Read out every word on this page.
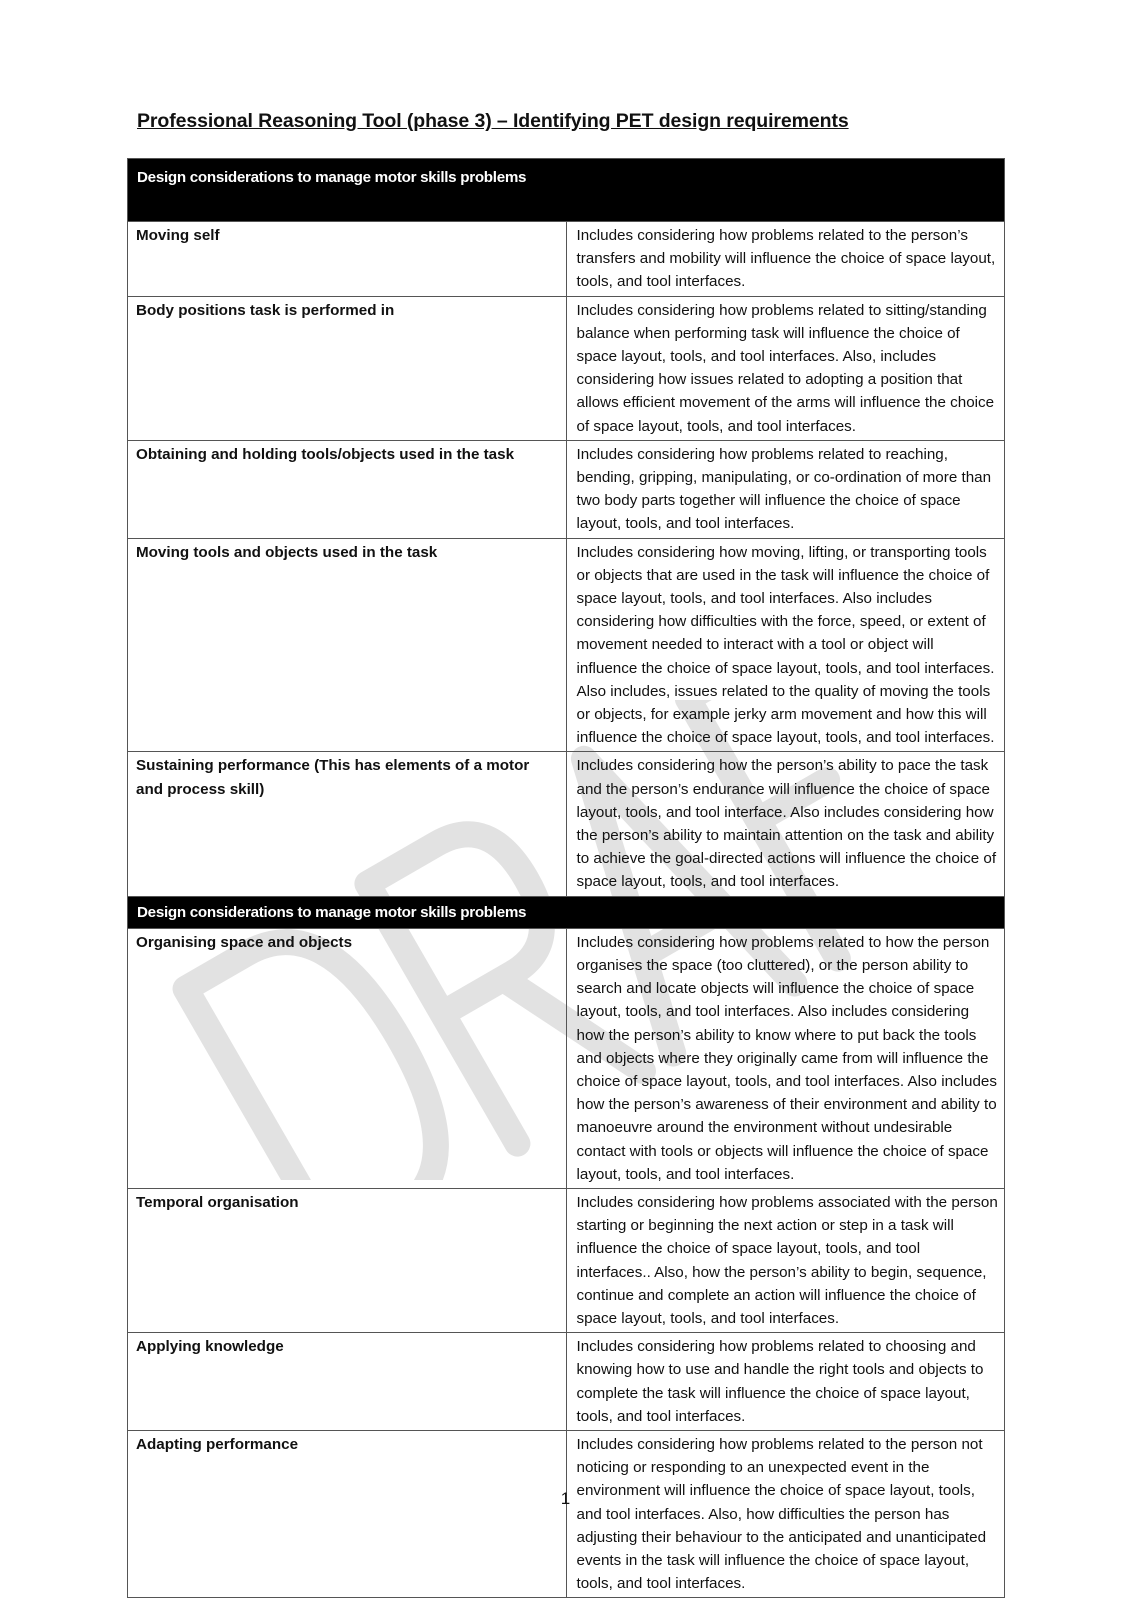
Professional Reasoning Tool (phase 3) – Identifying PET design requirements
Design considerations to manage motor skills problems	
Moving self	Includes considering how problems related to the person’s transfers and mobility will influence the choice of space layout, tools, and tool interfaces.
Body positions task is performed in	Includes considering how problems related to sitting/standing balance when performing task will influence the choice of space layout, tools, and tool interfaces. Also, includes considering how issues related to adopting a position that allows efficient movement of the arms will influence the choice of space layout, tools, and tool interfaces.
Obtaining and holding tools/objects used in the task	Includes considering how problems related to reaching, bending, gripping, manipulating, or co-ordination of more than two body parts together will influence the choice of space layout, tools, and tool interfaces.
Moving tools and objects used in the task	Includes considering how moving, lifting, or transporting tools or objects that are used in the task will influence the choice of space layout, tools, and tool interfaces. Also includes considering how difficulties with the force, speed, or extent of movement needed to interact with a tool or object will influence the choice of space layout, tools, and tool interfaces. Also includes, issues related to the quality of moving the tools or objects, for example jerky arm movement and how this will influence the choice of space layout, tools, and tool interfaces.
Sustaining performance (This has elements of a motor and process skill)	Includes considering how the person’s ability to pace the task and the person’s endurance will influence the choice of space layout, tools, and tool interface. Also includes considering how the person’s ability to maintain attention on the task and ability to achieve the goal-directed actions will influence the choice of space layout, tools, and tool interfaces.
Design considerations to manage motor skills problems	
Organising space and objects	Includes considering how problems related to how the person organises the space (too cluttered), or the person ability to search and locate objects will influence the choice of space layout, tools, and tool interfaces. Also includes considering how the person’s ability to know where to put back the tools and objects where they originally came from will influence the choice of space layout, tools, and tool interfaces. Also includes how the person’s awareness of their environment and ability to manoeuvre around the environment without undesirable contact with tools or objects will influence the choice of space layout, tools, and tool interfaces.
Temporal organisation	Includes considering how problems associated with the person starting or beginning the next action or step in a task will influence the choice of space layout, tools, and tool interfaces.. Also, how the person’s ability to begin, sequence, continue and complete an action will influence the choice of space layout, tools, and tool interfaces.
Applying knowledge	Includes considering how problems related to choosing and knowing how to use and handle the right tools and objects to complete the task will influence the choice of space layout, tools, and tool interfaces.
Adapting performance	Includes considering how problems related to the person not noticing or responding to an unexpected event in the environment will influence the choice of space layout, tools, and tool interfaces. Also, how difficulties the person has adjusting their behaviour to the anticipated and unanticipated events in the task will influence the choice of space layout, tools, and tool interfaces.
1
